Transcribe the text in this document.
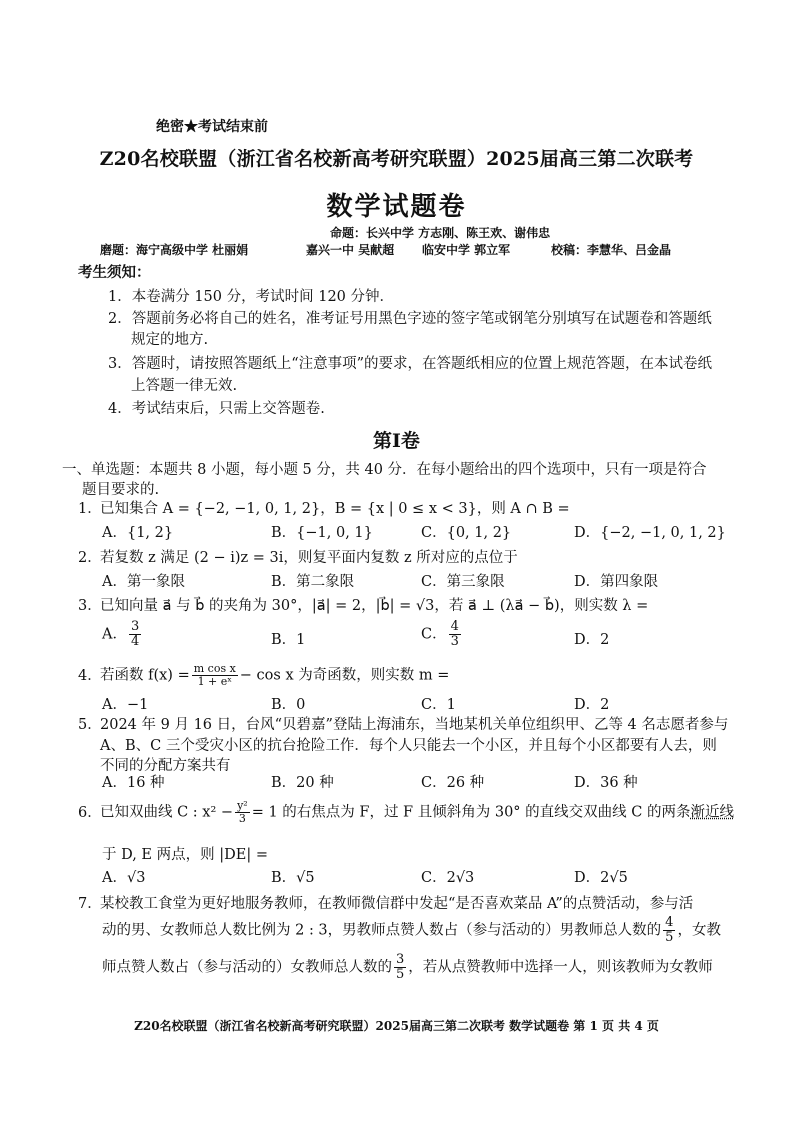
绝密★考试结束前
Z20名校联盟（浙江省名校新高考研究联盟）2025届高三第二次联考
数学试题卷
命题：长兴中学 方志刚、陈王欢、谢伟忠
磨题：海宁高级中学 杜丽娟	嘉兴一中 吴献超 临安中学 郭立军	校稿：李慧华、吕金晶
考生须知：
1．本卷满分 150 分，考试时间 120 分钟．
2．答题前务必将自己的姓名，准考证号用黑色字迹的签字笔或钢笔分别填写在试题卷和答题纸
规定的地方.
3．答题时，请按照答题纸上“注意事项”的要求，在答题纸相应的位置上规范答题，在本试卷纸
上答题一律无效.
4．考试结束后，只需上交答题卷.
第Ⅰ卷
一、单选题：本题共 8 小题，每小题 5 分，共 40 分．在每小题给出的四个选项中，只有一项是符合
题目要求的.
1．已知集合 A = {−2, −1, 0, 1, 2}，B = {x | 0 ≤ x < 3}，则 A ∩ B =
A．{1, 2}	B．{−1, 0, 1}	C．{0, 1, 2}	D．{−2, −1, 0, 1, 2}
2．若复数 z 满足 (2 − i)z = 3i，则复平面内复数 z 所对应的点位于
A．第一象限	B．第二象限	C．第三象限	D．第四象限
3．已知向量 a⃗ 与 b⃗ 的夹角为 30°，|a⃗| = 2，|b⃗| = √3，若 a⃗ ⊥ (λa⃗ − b⃗)，则实数 λ =
A． $\frac{3}{4}$	B．1	C． $\frac{4}{3}$	D．2
4．若函数 $f(x) = \frac{\text{m cos x}}{\text{1 + eˣ}} - \cos x$ 为奇函数，则实数 m =
A．−1	B．0	C．1	D．2
5．2024 年 9 月 16 日，台风“贝碧嘉”登陆上海浦东，当地某机关单位组织甲、乙等 4 名志愿者参与
A、B、C 三个受灾小区的抗台抢险工作．每个人只能去一个小区，并且每个小区都要有人去，则
不同的分配方案共有
A．16 种	B．20 种	C．26 种	D．36 种
6．已知双曲线 C : $x^2 - \frac{\text{y²}}{3} = 1$ 的右焦点为 F，过 F 且倾斜角为 30° 的直线交双曲线 C 的两条渐近线
于 D, E 两点，则 |DE| =
A．√3	B．√5	C．2√3	D．2√5
7．某校教工食堂为更好地服务教师，在教师微信群中发起“是否喜欢菜品 A”的点赞活动，参与活
动的男、女教师总人数比例为 2 : 3，男教师点赞人数占（参与活动的）男教师总人数的 $\frac{4}{5}$ ，女教
师点赞人数占（参与活动的）女教师总人数的 $\frac{3}{5}$ ，若从点赞教师中选择一人，则该教师为女教师
Z20名校联盟（浙江省名校新高考研究联盟）2025届高三第二次联考 数学试题卷 第 1 页 共 4 页
